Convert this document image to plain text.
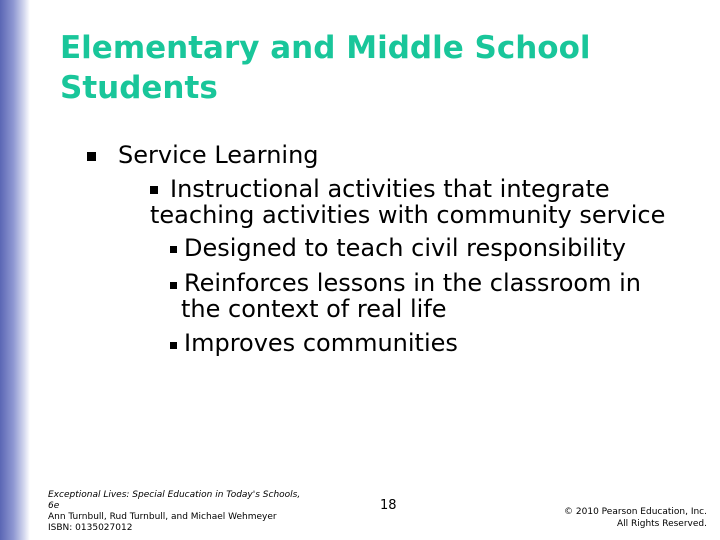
Elementary and Middle School
Students
Service Learning
Instructional activities that integrate
teaching activities with community service
Designed to teach civil responsibility
Reinforces lessons in the classroom in
the context of real life
Improves communities
Exceptional Lives: Special Education in Today's Schools,
6e
Ann Turnbull, Rud Turnbull, and Michael Wehmeyer
ISBN: 0135027012
18	© 2010 Pearson Education, Inc.
All Rights Reserved.
